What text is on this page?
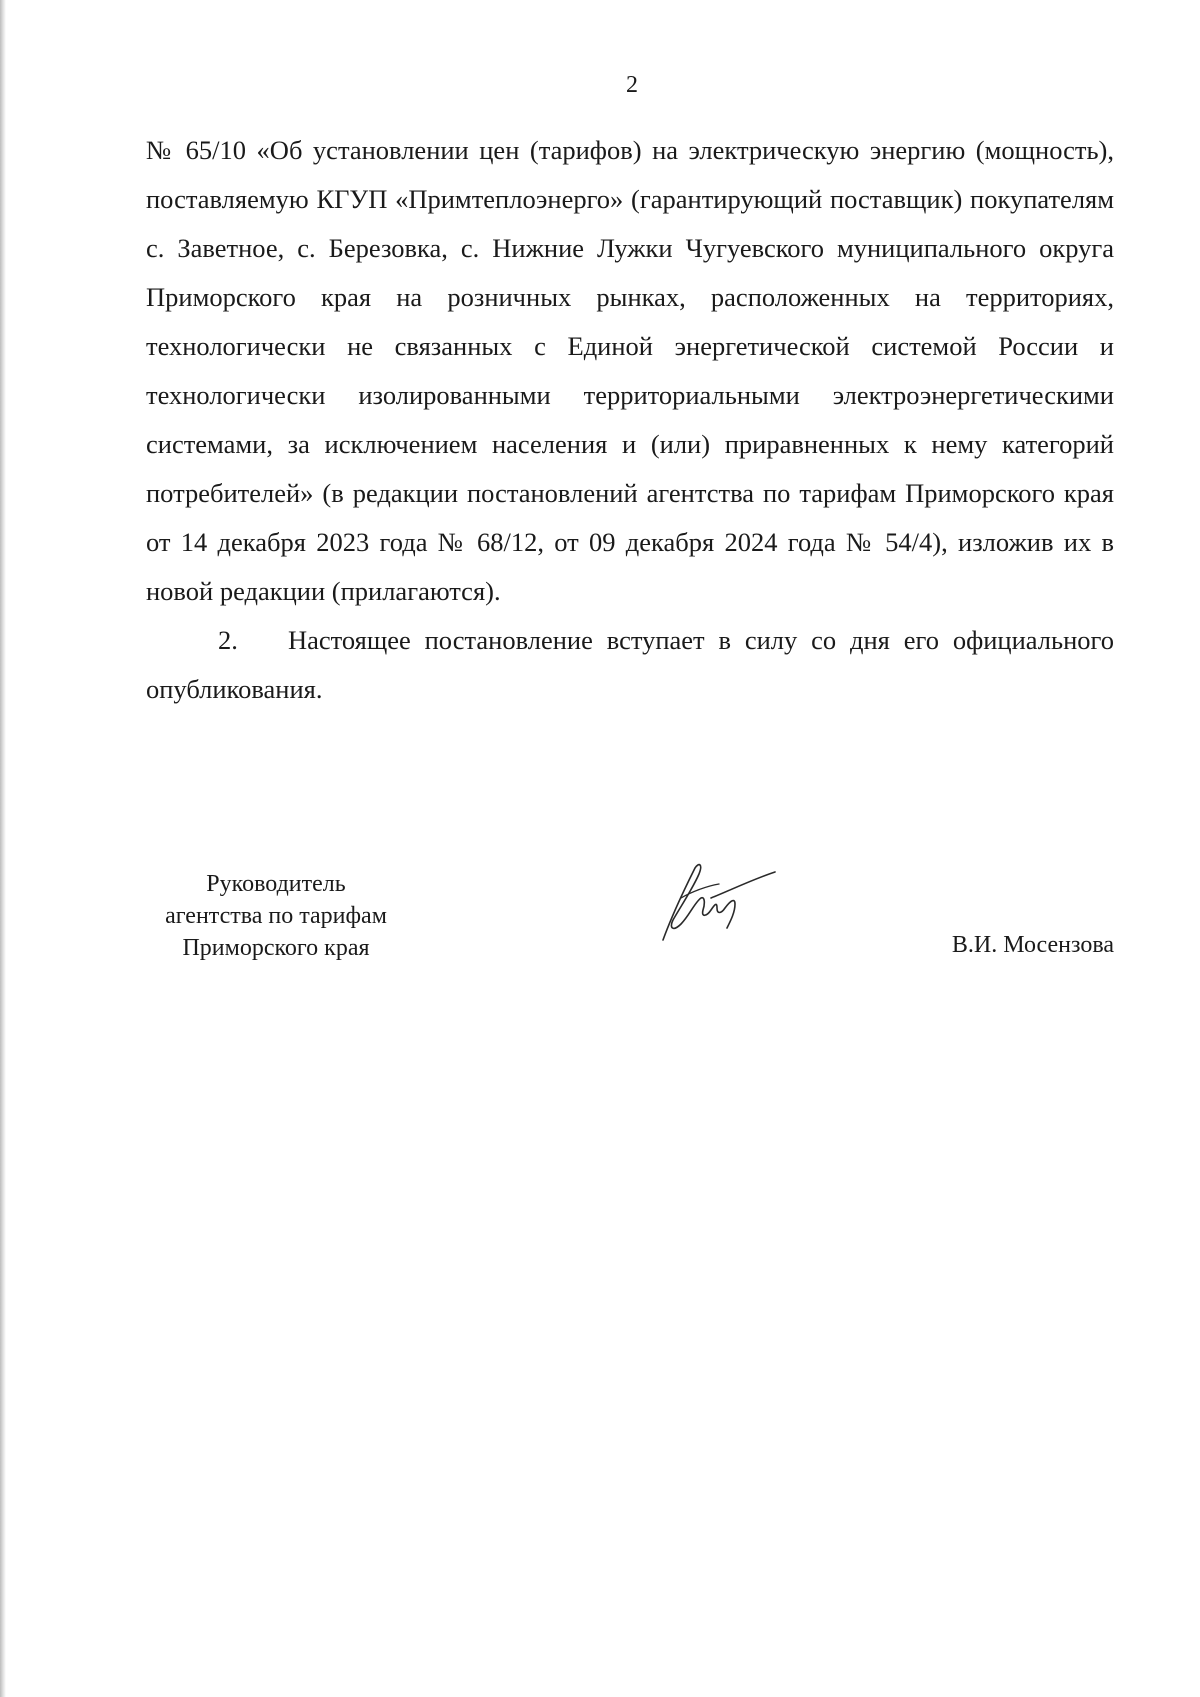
2

№ 65/10 «Об установлении цен (тарифов) на электрическую энергию (мощность), поставляемую КГУП «Примтеплоэнерго» (гарантирующий поставщик) покупателям с. Заветное, с. Березовка, с. Нижние Лужки Чугуевского муниципального округа Приморского края на розничных рынках, расположенных на территориях, технологически не связанных с Единой энергетической системой России и технологически изолированными территориальными электроэнергетическими системами, за исключением населения и (или) приравненных к нему категорий потребителей» (в редакции постановлений агентства по тарифам Приморского края от 14 декабря 2023 года № 68/12, от 09 декабря 2024 года № 54/4), изложив их в новой редакции (прилагаются).

2. Настоящее постановление вступает в силу со дня его официального опубликования.

Руководитель
агентства по тарифам
Приморского края	В.И. Мосензова
